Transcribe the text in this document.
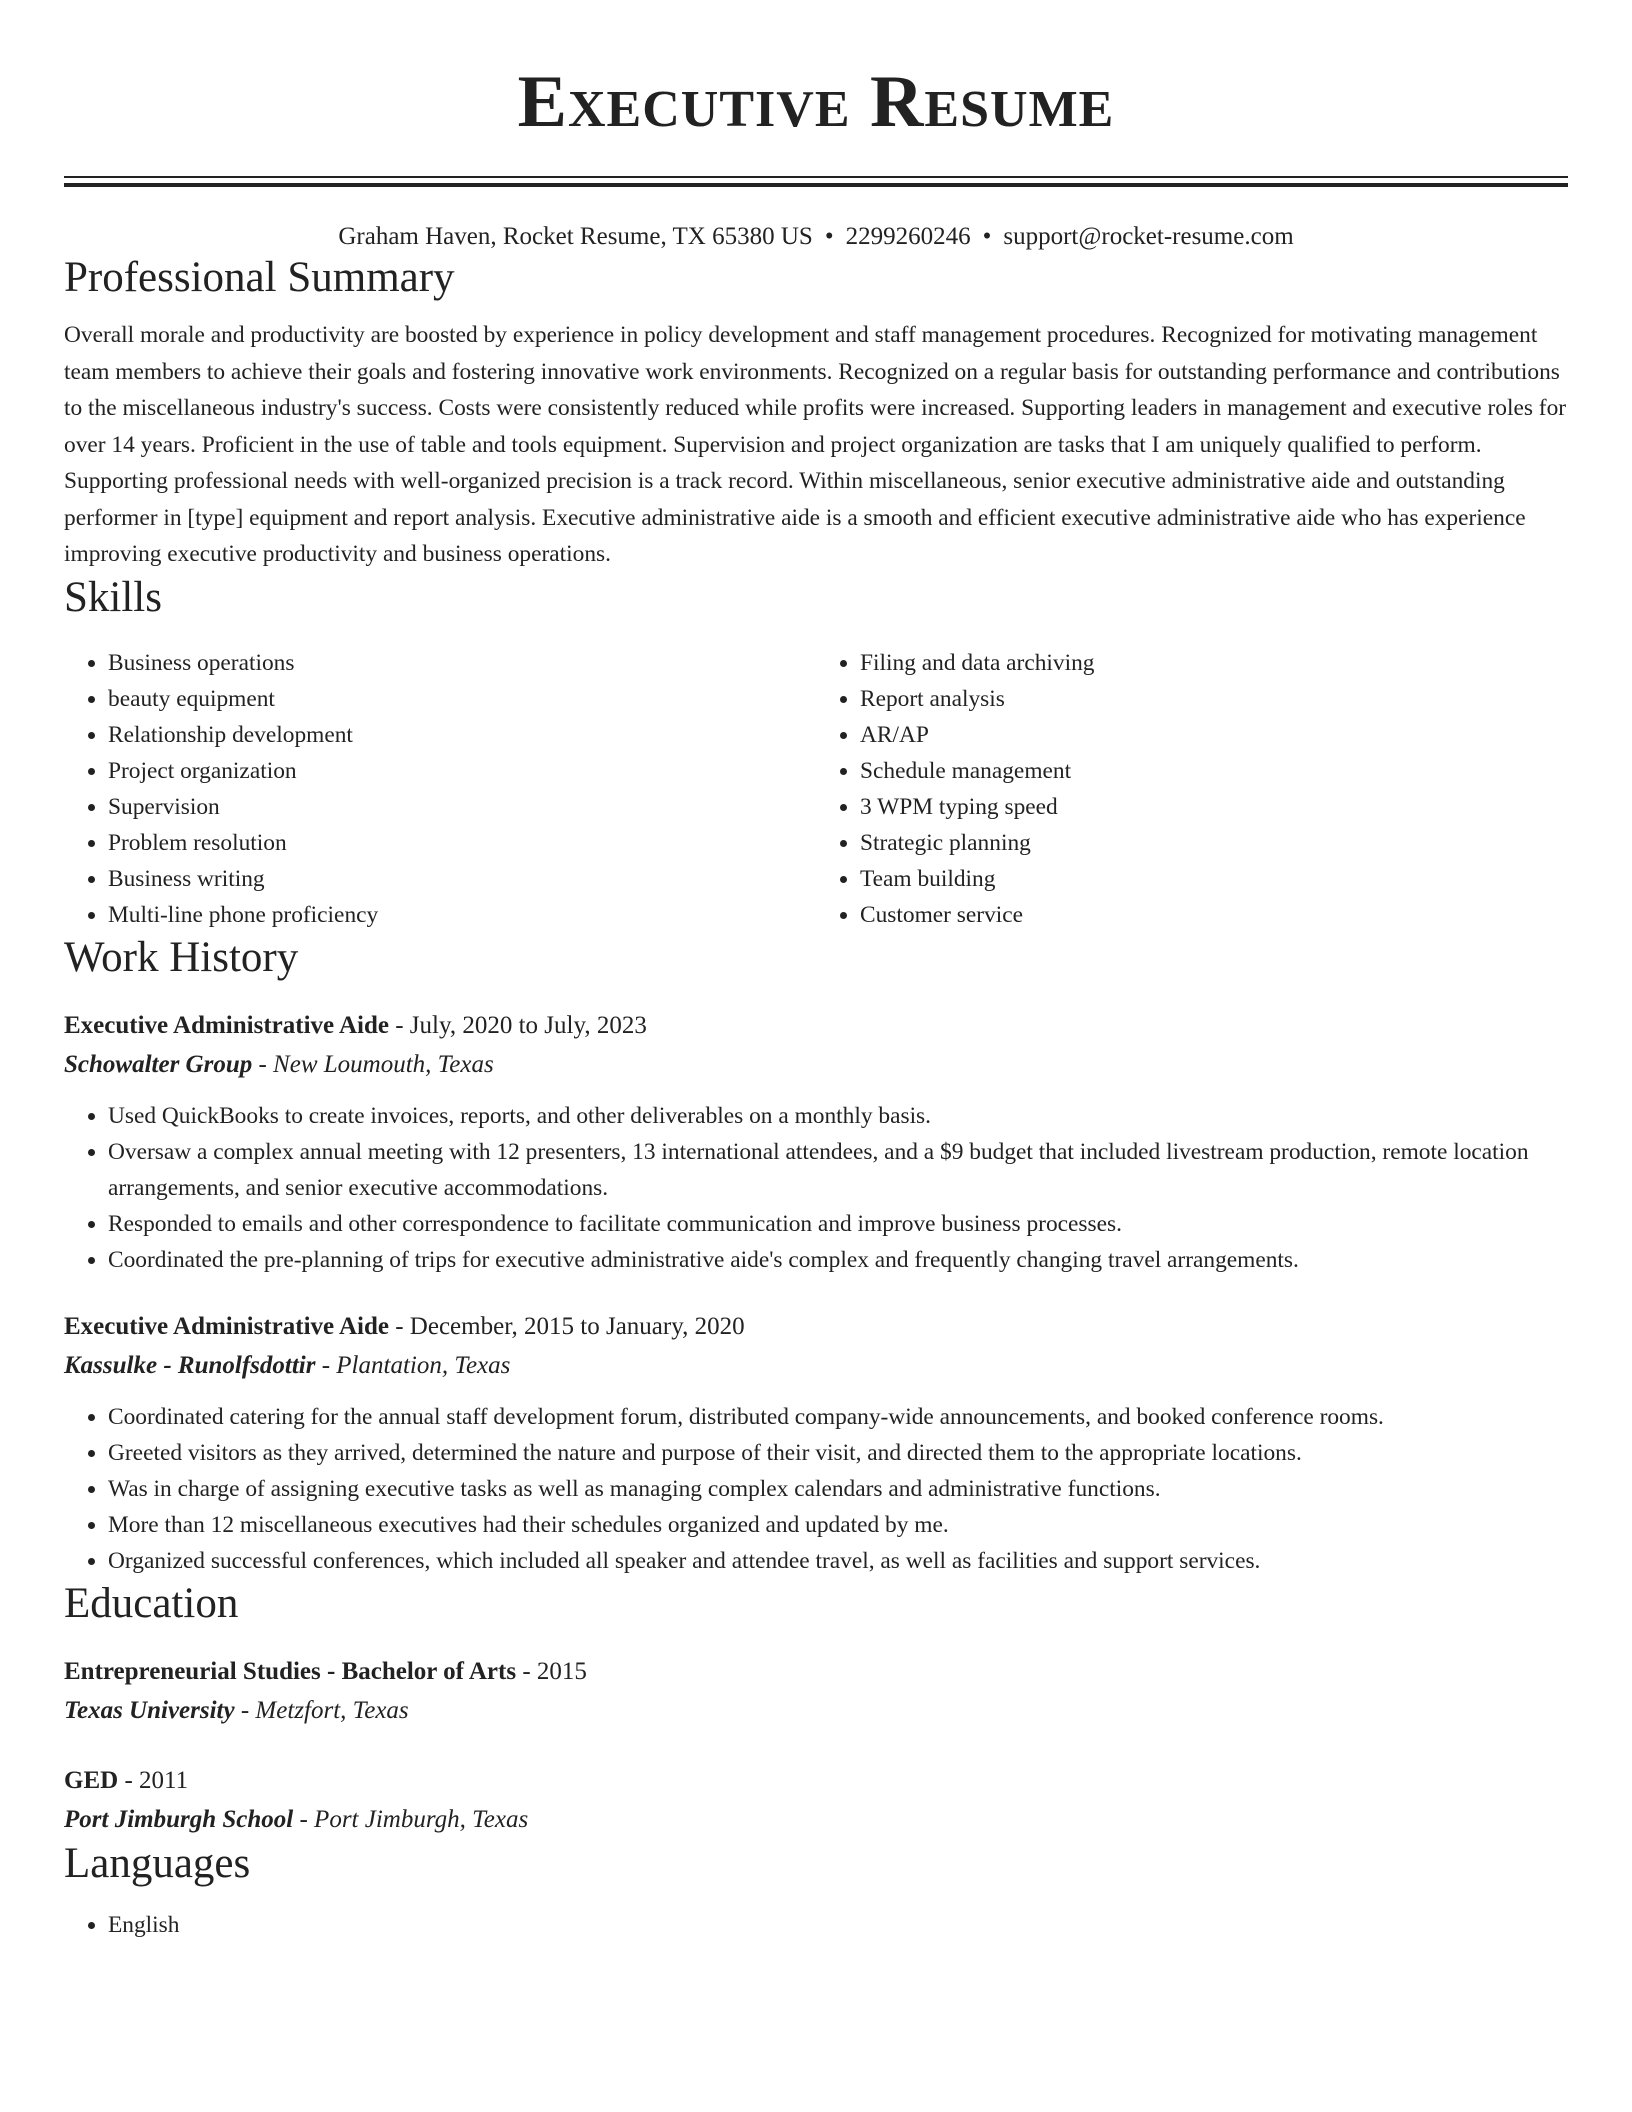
Executive Resume
Graham Haven, Rocket Resume, TX 65380 US • 2299260246 • support@rocket-resume.com
Professional Summary

Overall morale and productivity are boosted by experience in policy development and staff management procedures. Recognized for motivating management team members to achieve their goals and fostering innovative work environments. Recognized on a regular basis for outstanding performance and contributions to the miscellaneous industry's success. Costs were consistently reduced while profits were increased. Supporting leaders in management and executive roles for over 14 years. Proficient in the use of table and tools equipment. Supervision and project organization are tasks that I am uniquely qualified to perform. Supporting professional needs with well-organized precision is a track record. Within miscellaneous, senior executive administrative aide and outstanding performer in [type] equipment and report analysis. Executive administrative aide is a smooth and efficient executive administrative aide who has experience improving executive productivity and business operations.

Skills
• Business operations
• beauty equipment
• Relationship development
• Project organization
• Supervision
• Problem resolution
• Business writing
• Multi-line phone proficiency
• Filing and data archiving
• Report analysis
• AR/AP
• Schedule management
• 3 WPM typing speed
• Strategic planning
• Team building
• Customer service
Work History
Executive Administrative Aide - July, 2020 to July, 2023
Schowalter Group - New Loumouth, Texas
• Used QuickBooks to create invoices, reports, and other deliverables on a monthly basis.
• Oversaw a complex annual meeting with 12 presenters, 13 international attendees, and a $9 budget that included livestream production, remote location arrangements, and senior executive accommodations.
• Responded to emails and other correspondence to facilitate communication and improve business processes.
• Coordinated the pre-planning of trips for executive administrative aide's complex and frequently changing travel arrangements.
Executive Administrative Aide - December, 2015 to January, 2020
Kassulke - Runolfsdottir - Plantation, Texas
• Coordinated catering for the annual staff development forum, distributed company-wide announcements, and booked conference rooms.
• Greeted visitors as they arrived, determined the nature and purpose of their visit, and directed them to the appropriate locations.
• Was in charge of assigning executive tasks as well as managing complex calendars and administrative functions.
• More than 12 miscellaneous executives had their schedules organized and updated by me.
• Organized successful conferences, which included all speaker and attendee travel, as well as facilities and support services.
Education
Entrepreneurial Studies - Bachelor of Arts - 2015
Texas University - Metzfort, Texas
GED - 2011
Port Jimburgh School - Port Jimburgh, Texas
Languages
• English
